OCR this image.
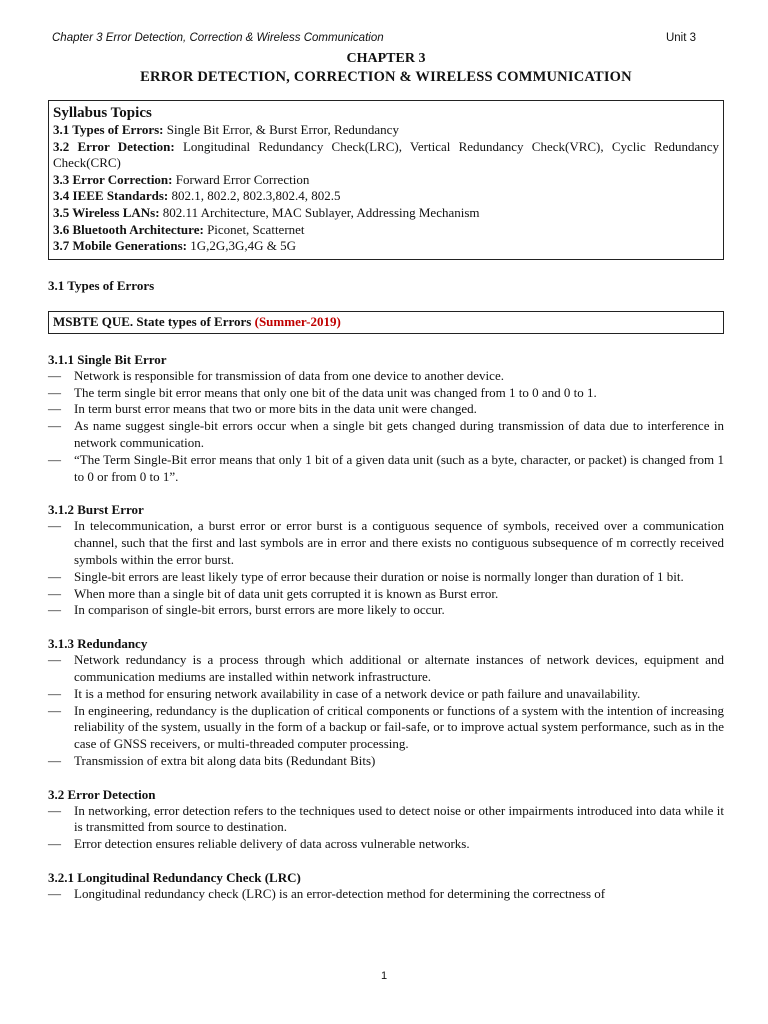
Chapter 3 Error Detection, Correction & Wireless Communication	Unit 3
CHAPTER 3
ERROR DETECTION, CORRECTION & WIRELESS COMMUNICATION
Syllabus Topics

3.1 Types of Errors: Single Bit Error, & Burst Error, Redundancy

3.2 Error Detection: Longitudinal Redundancy Check(LRC), Vertical Redundancy Check(VRC), Cyclic Redundancy Check(CRC)

3.3 Error Correction: Forward Error Correction

3.4 IEEE Standards: 802.1, 802.2, 802.3,802.4, 802.5

3.5 Wireless LANs: 802.11 Architecture, MAC Sublayer, Addressing Mechanism

3.6 Bluetooth Architecture: Piconet, Scatternet

3.7 Mobile Generations: 1G,2G,3G,4G & 5G

3.1 Types of Errors

MSBTE QUE. State types of Errors (Summer-2019)

3.1.1 Single Bit Error

—	Network is responsible for transmission of data from one device to another device.
—	The term single bit error means that only one bit of the data unit was changed from 1 to 0 and 0 to 1.
—	In term burst error means that two or more bits in the data unit were changed.
—	As name suggest single-bit errors occur when a single bit gets changed during transmission of data due to interference in network communication.
—	“The Term Single-Bit error means that only 1 bit of a given data unit (such as a byte, character, or packet) is changed from 1 to 0 or from 0 to 1”.

3.1.2 Burst Error

—	In telecommunication, a burst error or error burst is a contiguous sequence of symbols, received over a communication channel, such that the first and last symbols are in error and there exists no contiguous subsequence of m correctly received symbols within the error burst.
—	Single-bit errors are least likely type of error because their duration or noise is normally longer than duration of 1 bit.
—	When more than a single bit of data unit gets corrupted it is known as Burst error.
—	In comparison of single-bit errors, burst errors are more likely to occur.

3.1.3 Redundancy

—	Network redundancy is a process through which additional or alternate instances of network devices, equipment and communication mediums are installed within network infrastructure.
—	It is a method for ensuring network availability in case of a network device or path failure and unavailability.
—	In engineering, redundancy is the duplication of critical components or functions of a system with the intention of increasing reliability of the system, usually in the form of a backup or fail-safe, or to improve actual system performance, such as in the case of GNSS receivers, or multi-threaded computer processing.
—	Transmission of extra bit along data bits (Redundant Bits)

3.2 Error Detection

—	In networking, error detection refers to the techniques used to detect noise or other impairments introduced into data while it is transmitted from source to destination.
—	Error detection ensures reliable delivery of data across vulnerable networks.

3.2.1 Longitudinal Redundancy Check (LRC)

—	Longitudinal redundancy check (LRC) is an error-detection method for determining the correctness of
1
